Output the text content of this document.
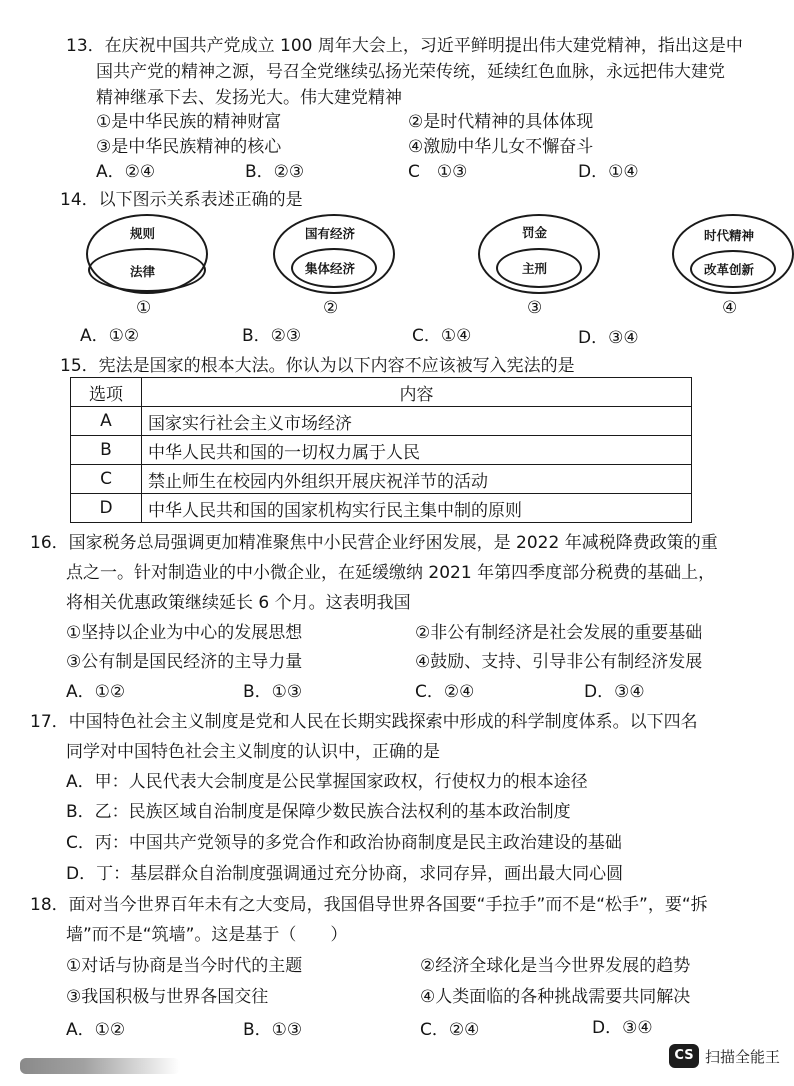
13．在庆祝中国共产党成立 100 周年大会上，习近平鲜明提出伟大建党精神，指出这是中
国共产党的精神之源，号召全党继续弘扬光荣传统，延续红色血脉，永远把伟大建党
精神继承下去、发扬光大。伟大建党精神
①是中华民族的精神财富	②是时代精神的具体体现
③是中华民族精神的核心	④激励中华儿女不懈奋斗
A．②④	B．②③	C　①③	D．①④
14．以下图示关系表述正确的是
规则
法律
①
国有经济
集体经济
②
罚金
主刑
③
时代精神
改革创新
④
A．①②	B．②③	C．①④	D．③④
15．宪法是国家的根本大法。你认为以下内容不应该被写入宪法的是
选项	内容
A	国家实行社会主义市场经济
B	中华人民共和国的一切权力属于人民
C	禁止师生在校园内外组织开展庆祝洋节的活动
D	中华人民共和国的国家机构实行民主集中制的原则
16．国家税务总局强调更加精准聚焦中小民营企业纾困发展，是 2022 年减税降费政策的重
点之一。针对制造业的中小微企业，在延缓缴纳 2021 年第四季度部分税费的基础上，
将相关优惠政策继续延长 6 个月。这表明我国
①坚持以企业为中心的发展思想	②非公有制经济是社会发展的重要基础
③公有制是国民经济的主导力量	④鼓励、支持、引导非公有制经济发展
A．①②	B．①③	C．②④	D．③④
17．中国特色社会主义制度是党和人民在长期实践探索中形成的科学制度体系。以下四名
同学对中国特色社会主义制度的认识中，正确的是
A．甲：人民代表大会制度是公民掌握国家政权，行使权力的根本途径
B．乙：民族区域自治制度是保障少数民族合法权利的基本政治制度
C．丙：中国共产党领导的多党合作和政治协商制度是民主政治建设的基础
D．丁：基层群众自治制度强调通过充分协商，求同存异，画出最大同心圆
18．面对当今世界百年未有之大变局，我国倡导世界各国要“手拉手”而不是“松手”，要“拆
墙”而不是“筑墙”。这是基于（　　）
①对话与协商是当今时代的主题	②经济全球化是当今世界发展的趋势
③我国积极与世界各国交往	④人类面临的各种挑战需要共同解决
A．①②	B．①③	C．②④	D．③④
CS 扫描全能王
